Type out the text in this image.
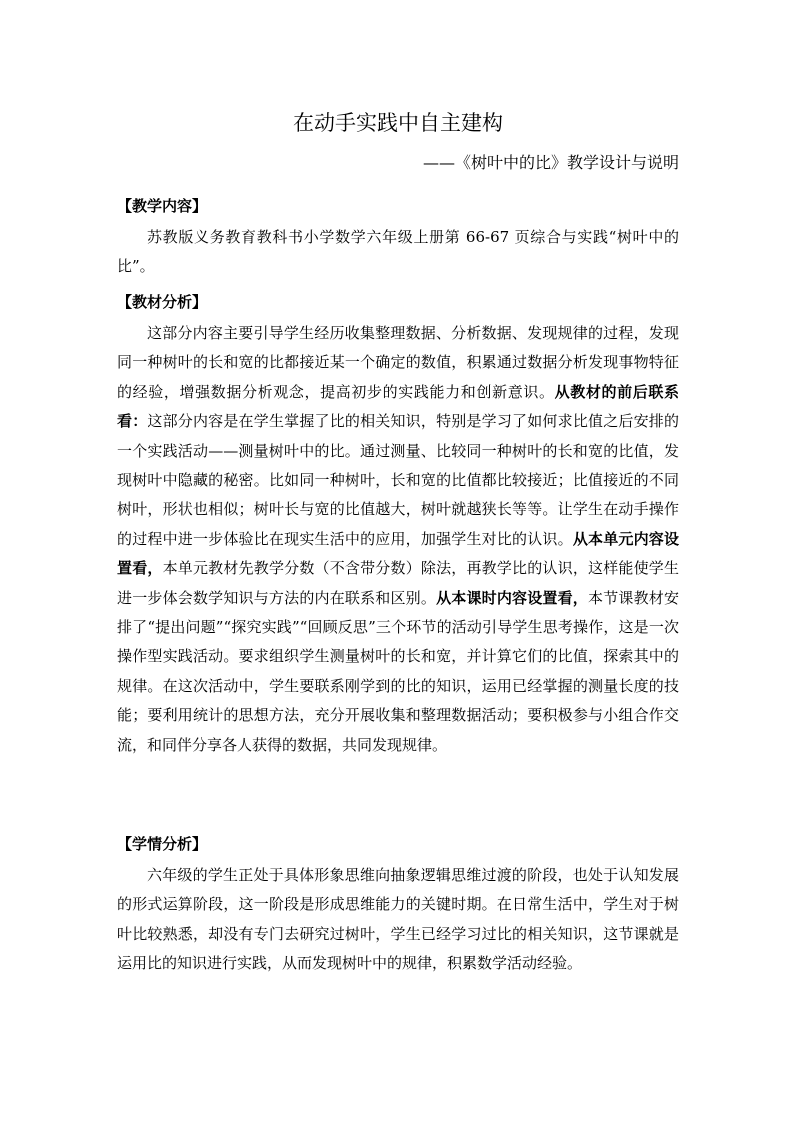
在动手实践中自主建构
——《树叶中的比》教学设计与说明
【教学内容】
苏教版义务教育教科书小学数学六年级上册第 66-67 页综合与实践“树叶中的比”。
【教材分析】
这部分内容主要引导学生经历收集整理数据、分析数据、发现规律的过程，发现同一种树叶的长和宽的比都接近某一个确定的数值，积累通过数据分析发现事物特征的经验，增强数据分析观念，提高初步的实践能力和创新意识。从教材的前后联系看：这部分内容是在学生掌握了比的相关知识，特别是学习了如何求比值之后安排的一个实践活动——测量树叶中的比。通过测量、比较同一种树叶的长和宽的比值，发现树叶中隐藏的秘密。比如同一种树叶，长和宽的比值都比较接近；比值接近的不同树叶，形状也相似；树叶长与宽的比值越大，树叶就越狭长等等。让学生在动手操作的过程中进一步体验比在现实生活中的应用，加强学生对比的认识。从本单元内容设置看，本单元教材先教学分数（不含带分数）除法，再教学比的认识，这样能使学生进一步体会数学知识与方法的内在联系和区别。从本课时内容设置看，本节课教材安排了“提出问题”“探究实践”“回顾反思”三个环节的活动引导学生思考操作，这是一次操作型实践活动。要求组织学生测量树叶的长和宽，并计算它们的比值，探索其中的规律。在这次活动中，学生要联系刚学到的比的知识，运用已经掌握的测量长度的技能；要利用统计的思想方法，充分开展收集和整理数据活动；要积极参与小组合作交流，和同伴分享各人获得的数据，共同发现规律。
【学情分析】
六年级的学生正处于具体形象思维向抽象逻辑思维过渡的阶段，也处于认知发展的形式运算阶段，这一阶段是形成思维能力的关键时期。在日常生活中，学生对于树叶比较熟悉，却没有专门去研究过树叶，学生已经学习过比的相关知识，这节课就是运用比的知识进行实践，从而发现树叶中的规律，积累数学活动经验。
